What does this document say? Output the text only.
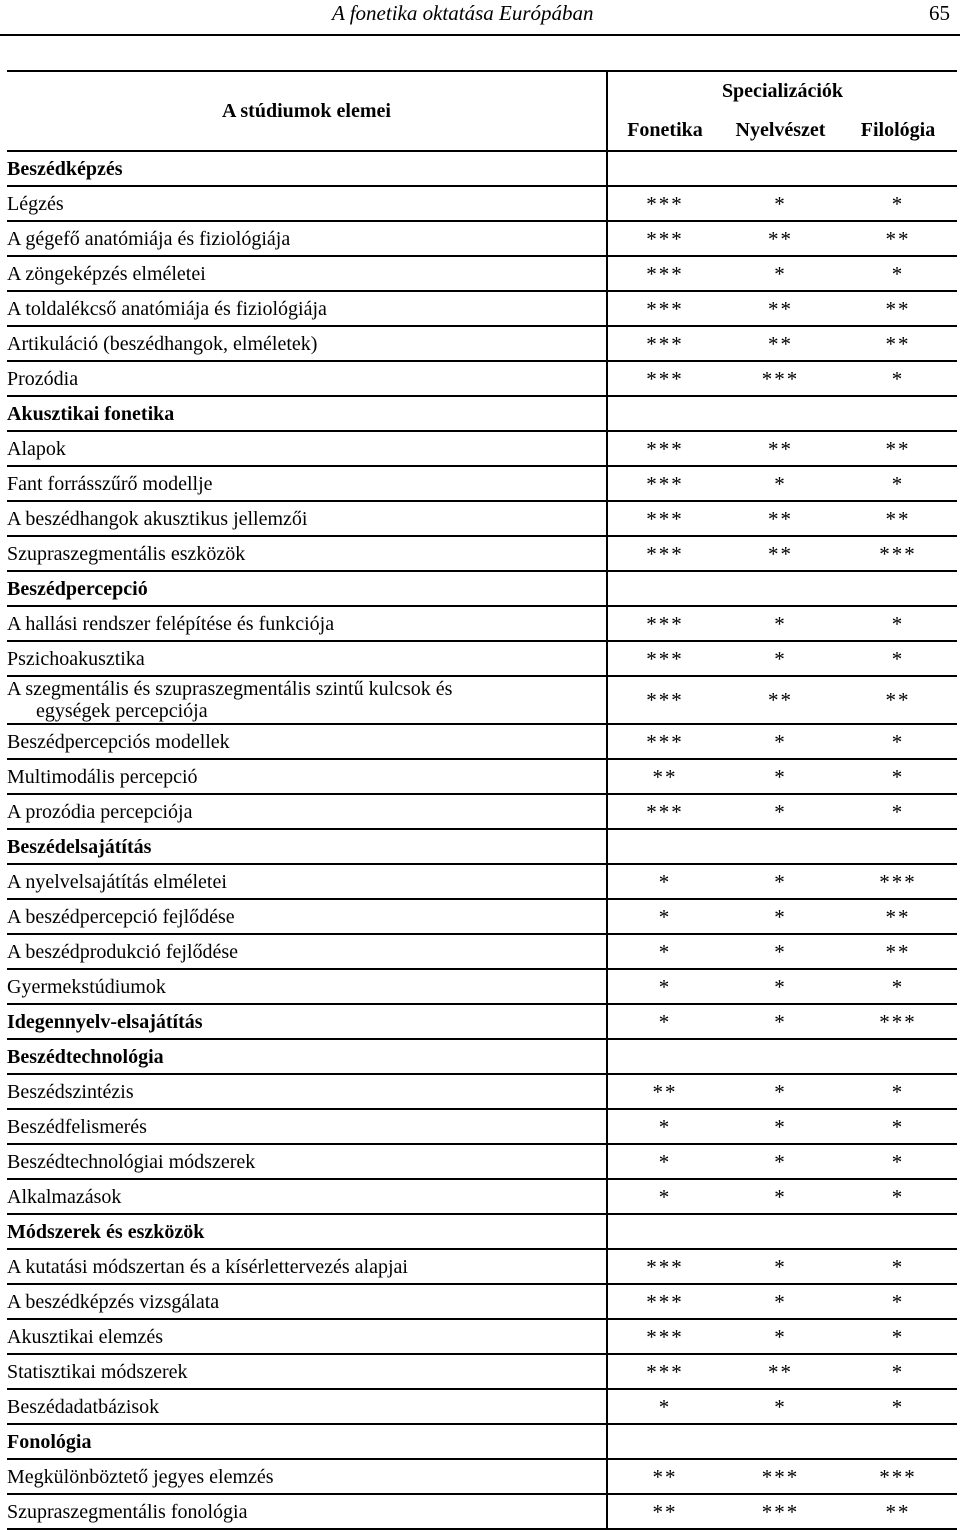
A fonetika oktatása Európában	65
A stúdiumok elemei	Specializációk		
	Fonetika	Nyelvészet	Filológia
Beszédképzés			
Légzés	***	*	*
A gégefő anatómiája és fiziológiája	***	**	**
A zöngeképzés elméletei	***	*	*
A toldalékcső anatómiája és fiziológiája	***	**	**
Artikuláció (beszédhangok, elméletek)	***	**	**
Prozódia	***	***	*
Akusztikai fonetika			
Alapok	***	**	**
Fant forrásszűrő modellje	***	*	*
A beszédhangok akusztikus jellemzői	***	**	**
Szupraszegmentális eszközök	***	**	***
Beszédpercepció			
A hallási rendszer felépítése és funkciója	***	*	*
Pszichoakusztika	***	*	*

A szegmentális és szupraszegmentális szintű kulcsok és
egységek percepciója	***	**	**
Beszédpercepciós modellek	***	*	*
Multimodális percepció	**	*	*
A prozódia percepciója	***	*	*
Beszédelsajátítás			
A nyelvelsajátítás elméletei	*	*	***
A beszédpercepció fejlődése	*	*	**
A beszédprodukció fejlődése	*	*	**
Gyermekstúdiumok	*	*	*
Idegennyelv-elsajátítás	*	*	***
Beszédtechnológia			
Beszédszintézis	**	*	*
Beszédfelismerés	*	*	*
Beszédtechnológiai módszerek	*	*	*
Alkalmazások	*	*	*
Módszerek és eszközök			
A kutatási módszertan és a kísérlettervezés alapjai	***	*	*
A beszédképzés vizsgálata	***	*	*
Akusztikai elemzés	***	*	*
Statisztikai módszerek	***	**	*
Beszédadatbázisok	*	*	*
Fonológia			
Megkülönböztető jegyes elemzés	**	***	***
Szupraszegmentális fonológia	**	***	**
